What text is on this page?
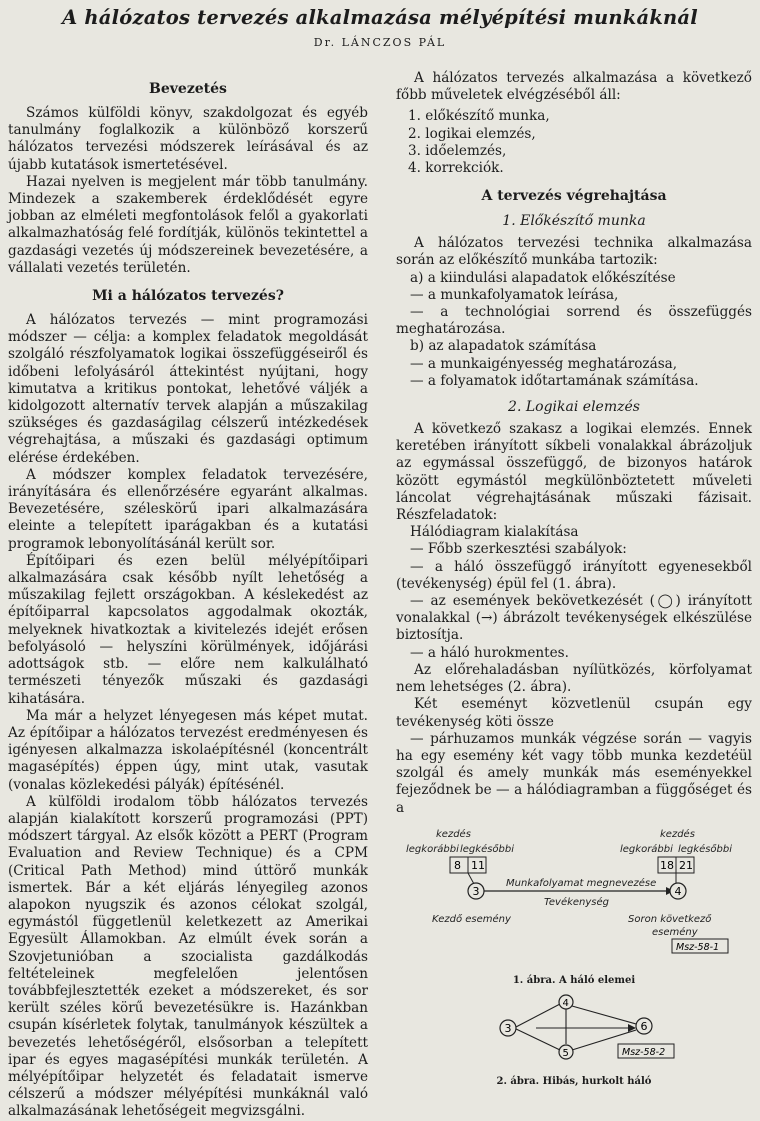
A hálózatos tervezés alkalmazása mélyépítési munkáknál
Dr. LÁNCZOS PÁL
Bevezetés

Számos külföldi könyv, szakdolgozat és egyéb tanulmány foglalkozik a különböző korszerű hálózatos tervezési módszerek leírásával és az újabb kutatások ismertetésével.

Hazai nyelven is megjelent már több tanulmány. Mindezek a szakemberek érdeklődését egyre jobban az elméleti megfontolások felől a gyakorlati alkalmazhatóság felé fordítják, különös tekintettel a gazdasági vezetés új módszereinek bevezetésére, a vállalati vezetés területén.

Mi a hálózatos tervezés?

A hálózatos tervezés — mint programozási módszer — célja: a komplex feladatok megoldását szolgáló részfolyamatok logikai összefüggéseiről és időbeni lefolyásáról áttekintést nyújtani, hogy kimutatva a kritikus pontokat, lehetővé váljék a kidolgozott alternatív tervek alapján a műszakilag szükséges és gazdaságilag célszerű intézkedések végrehajtása, a műszaki és gazdasági optimum elérése érdekében.

A módszer komplex feladatok tervezésére, irányítására és ellenőrzésére egyaránt alkalmas. Bevezetésére, széleskörű ipari alkalmazására eleinte a telepített iparágakban és a kutatási programok lebonyolításánál került sor.

Építőipari és ezen belül mélyépítőipari alkalmazására csak később nyílt lehetőség a műszakilag fejlett országokban. A késlekedést az építőiparral kapcsolatos aggodalmak okozták, melyeknek hivatkoztak a kivitelezés idejét erősen befolyásoló — helyszíni körülmények, időjárási adottságok stb. — előre nem kalkulálható természeti tényezők műszaki és gazdasági kihatására.

Ma már a helyzet lényegesen más képet mutat. Az építőipar a hálózatos tervezést eredményesen és igényesen alkalmazza iskolaépítésnél (koncentrált magasépítés) éppen úgy, mint utak, vasutak (vonalas közlekedési pályák) építésénél.

A külföldi irodalom több hálózatos tervezés alapján kialakított korszerű programozási (PPT) módszert tárgyal. Az elsők között a PERT (Program Evaluation and Review Technique) és a CPM (Critical Path Method) mind úttörő munkák ismertek. Bár a két eljárás lényegileg azonos alapokon nyugszik és azonos célokat szolgál, egymástól függetlenül keletkezett az Amerikai Egyesült Államokban. Az elmúlt évek során a Szovjetunióban a szocialista gazdálkodás feltételeinek megfelelően jelentősen továbbfejlesztették ezeket a módszereket, és sor került széles körű bevezetésükre is. Hazánkban csupán kísérletek folytak, tanulmányok készültek a bevezetés lehetőségéről, elsősorban a telepített ipar és egyes magasépítési munkák területén. A mélyépítőipar helyzetét és feladatait ismerve célszerű a módszer mélyépítési munkáknál való alkalmazásának lehetőségeit megvizsgálni.

A hálózatos tervezés alkalmazása a következő főbb műveletek elvégzéséből áll:

1. előkészítő munka,

2. logikai elemzés,

3. időelemzés,

4. korrekciók.

A tervezés végrehajtása
1. Előkészítő munka

A hálózatos tervezési technika alkalmazása során az előkészítő munkába tartozik:

a) a kiindulási alapadatok előkészítése

— a munkafolyamatok leírása,

— a technológiai sorrend és összefüggés meghatározása.

b) az alapadatok számítása

— a munkaigényesség meghatározása,

— a folyamatok időtartamának számítása.

2. Logikai elemzés

A következő szakasz a logikai elemzés. Ennek keretében irányított síkbeli vonalakkal ábrázoljuk az egymással összefüggő, de bizonyos határok között egymástól megkülönböztetett műveleti láncolat végrehajtásának műszaki fázisait. Részfeladatok:

Hálódiagram kialakítása

— Főbb szerkesztési szabályok:

— a háló összefüggő irányított egyenesekből (tevékenység) épül fel (1. ábra).

— az események bekövetkezését (◯) irányított vonalakkal (→) ábrázolt tevékenységek elkészülése biztosítja.

— a háló hurokmentes.

Az előrehaladásban nyílütközés, körfolyamat nem lehetséges (2. ábra).

Két eseményt közvetlenül csupán egy tevékenység köti össze

— párhuzamos munkák végzése során — vagyis ha egy esemény két vagy több munka kezdetéül szolgál és amely munkák más eseményekkel fejeződnek be — a hálódiagramban a függőséget és a

kezdés	kezdés
legkorábbi legkésőbbi	legkorábbi legkésőbbi
8 11	18 21
3	4
Munkafolyamat megnevezése
Tevékenység
Kezdő esemény	Soron következő
esemény
Msz-58-1
1. ábra. A háló elemei
3
4
5
6
Msz-58-2
2. ábra. Hibás, hurkolt háló
